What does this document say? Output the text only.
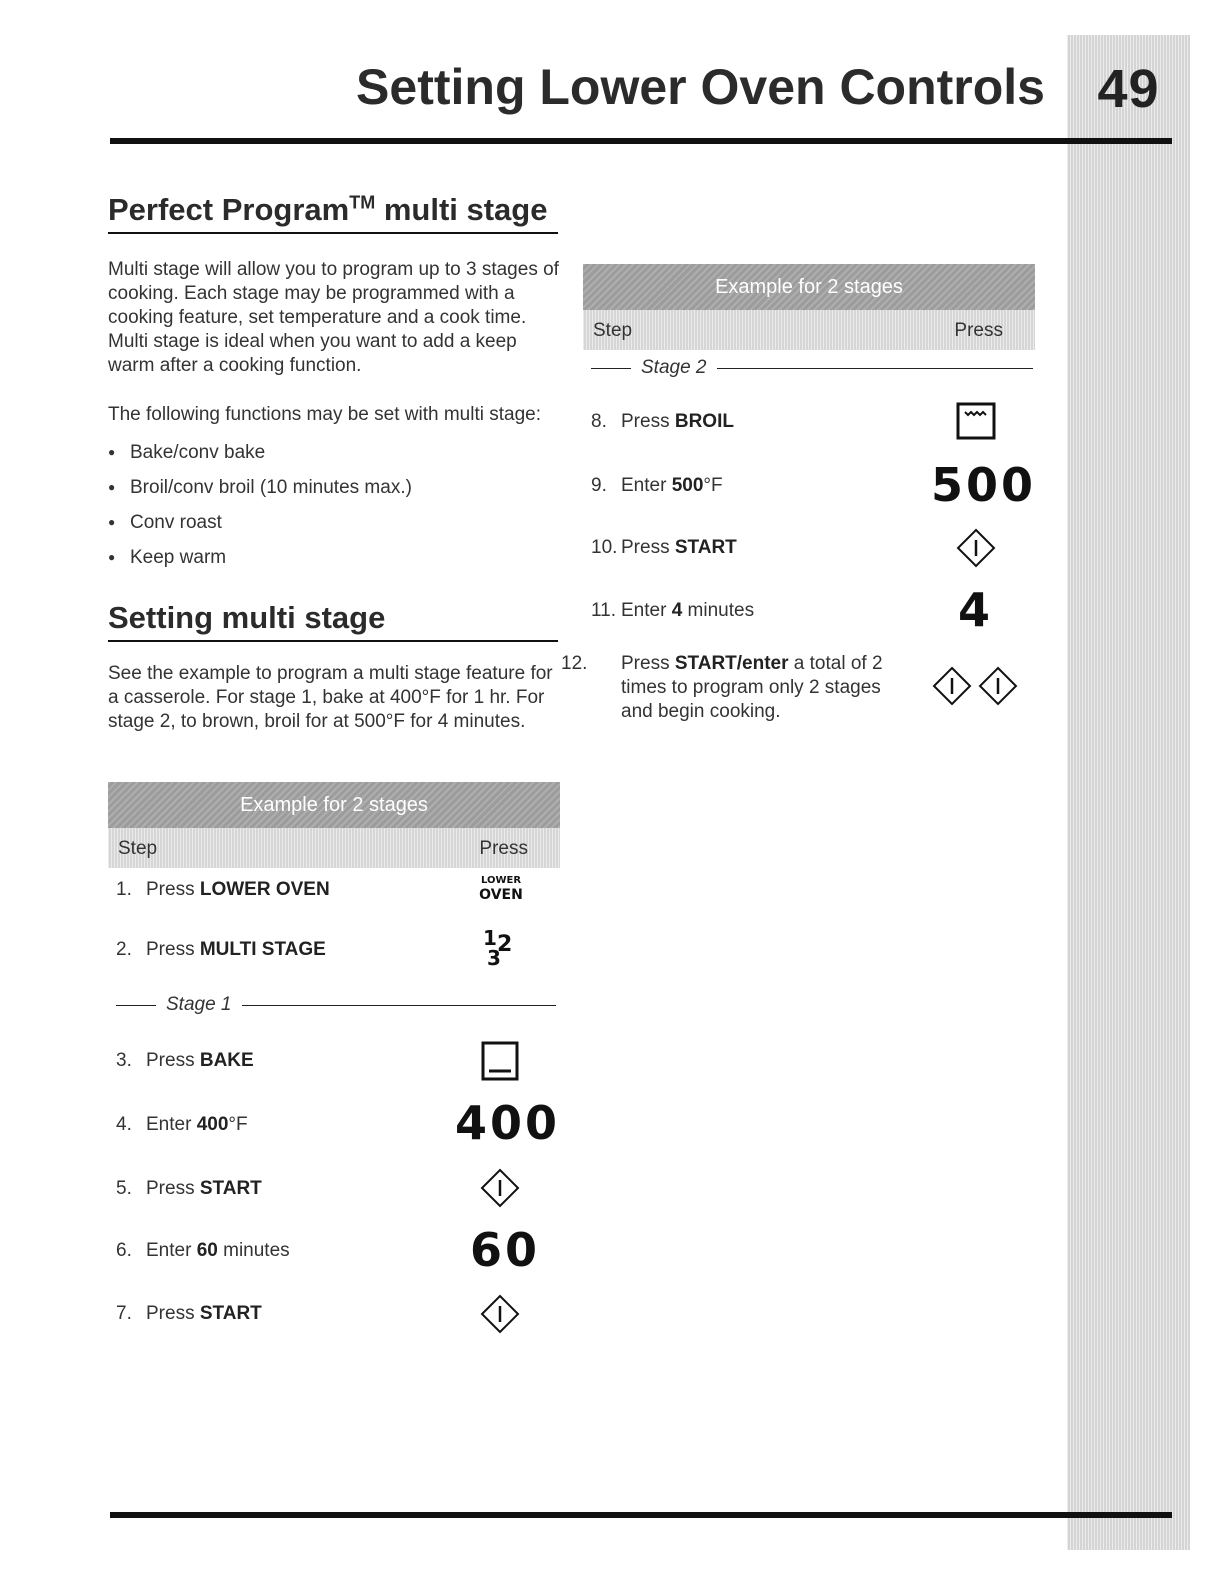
49
Setting Lower Oven Controls
Perfect Program™ multi stage
Multi stage will allow you to program up to 3 stages of cooking. Each stage may be programmed with a cooking feature, set temperature and a cook time. Multi stage is ideal when you want to add a keep warm after a cooking function.
The following functions may be set with multi stage:
● Bake/conv bake
● Broil/conv broil (10 minutes max.)
● Conv roast
● Keep warm
Setting multi stage
See the example to program a multi stage feature for a casserole. For stage 1, bake at 400°F for 1 hr. For stage 2, to brown, broil for at 500°F for 4 minutes.
Example for 2 stages
Step	Press
1. Press LOWER OVEN	LOWER
OVEN
2. Press MULTI STAGE	1 2
3
Stage 1
3. Press BAKE
4. Enter 400°F	400
5. Press START
6. Enter 60 minutes	60
7. Press START
Example for 2 stages
Step	Press
Stage 2
8. Press BROIL
9. Enter 500°F	500
10. Press START
11. Enter 4 minutes	4
12. Press START/enter a total of 2 times to program only 2 stages and begin cooking.
